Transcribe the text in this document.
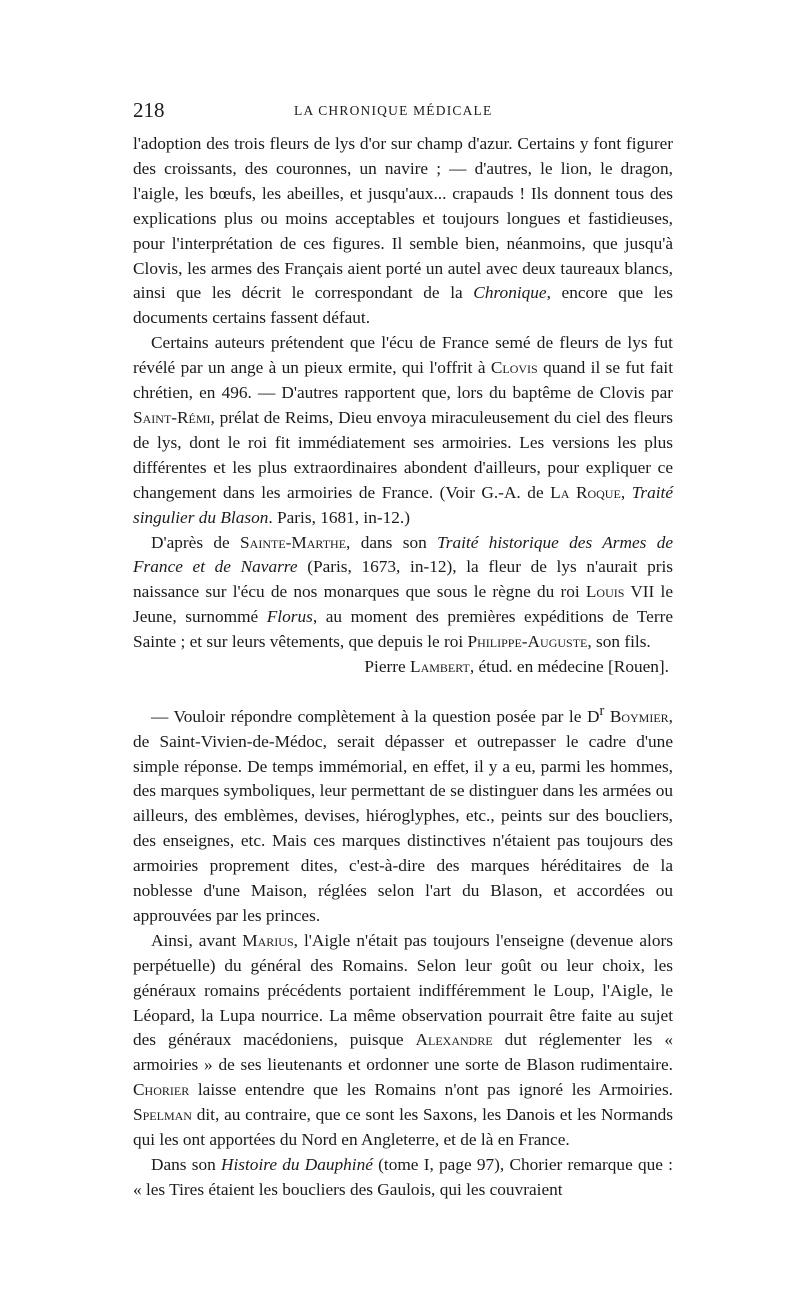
218	LA CHRONIQUE MÉDICALE

l'adoption des trois fleurs de lys d'or sur champ d'azur. Certains y font figurer des croissants, des couronnes, un navire ; — d'autres, le lion, le dragon, l'aigle, les bœufs, les abeilles, et jusqu'aux... crapauds ! Ils donnent tous des explications plus ou moins acceptables et toujours longues et fastidieuses, pour l'interprétation de ces figures. Il semble bien, néanmoins, que jusqu'à Clovis, les armes des Français aient porté un autel avec deux taureaux blancs, ainsi que les décrit le correspondant de la Chronique, encore que les documents certains fassent défaut.

Certains auteurs prétendent que l'écu de France semé de fleurs de lys fut révélé par un ange à un pieux ermite, qui l'offrit à Clovis quand il se fut fait chrétien, en 496. — D'autres rapportent que, lors du baptême de Clovis par Saint-Rémi, prélat de Reims, Dieu envoya miraculeusement du ciel des fleurs de lys, dont le roi fit immédiatement ses armoiries. Les versions les plus différentes et les plus extraordinaires abondent d'ailleurs, pour expliquer ce changement dans les armoiries de France. (Voir G.-A. de La Roque, Traité singulier du Blason. Paris, 1681, in-12.)

D'après de Sainte-Marthe, dans son Traité historique des Armes de France et de Navarre (Paris, 1673, in-12), la fleur de lys n'aurait pris naissance sur l'écu de nos monarques que sous le règne du roi Louis VII le Jeune, surnommé Florus, au moment des premières expéditions de Terre Sainte ; et sur leurs vêtements, que depuis le roi Philippe-Auguste, son fils.

Pierre Lambert, étud. en médecine [Rouen].

— Vouloir répondre complètement à la question posée par le $D^r$ Boymier, de Saint-Vivien-de-Médoc, serait dépasser et outrepasser le cadre d'une simple réponse. De temps immémorial, en effet, il y a eu, parmi les hommes, des marques symboliques, leur permettant de se distinguer dans les armées ou ailleurs, des emblèmes, devises, hiéroglyphes, etc., peints sur des boucliers, des enseignes, etc. Mais ces marques distinctives n'étaient pas toujours des armoiries proprement dites, c'est-à-dire des marques héréditaires de la noblesse d'une Maison, réglées selon l'art du Blason, et accordées ou approuvées par les princes.

Ainsi, avant Marius, l'Aigle n'était pas toujours l'enseigne (devenue alors perpétuelle) du général des Romains. Selon leur goût ou leur choix, les généraux romains précédents portaient indifféremment le Loup, l'Aigle, le Léopard, la Lupa nourrice. La même observation pourrait être faite au sujet des généraux macédoniens, puisque Alexandre dut réglementer les « armoiries » de ses lieutenants et ordonner une sorte de Blason rudimentaire. Chorier laisse entendre que les Romains n'ont pas ignoré les Armoiries. Spelman dit, au contraire, que ce sont les Saxons, les Danois et les Normands qui les ont apportées du Nord en Angleterre, et de là en France.

Dans son Histoire du Dauphiné (tome I, page 97), Chorier remarque que : « les Tires étaient les boucliers des Gaulois, qui les couvraient
